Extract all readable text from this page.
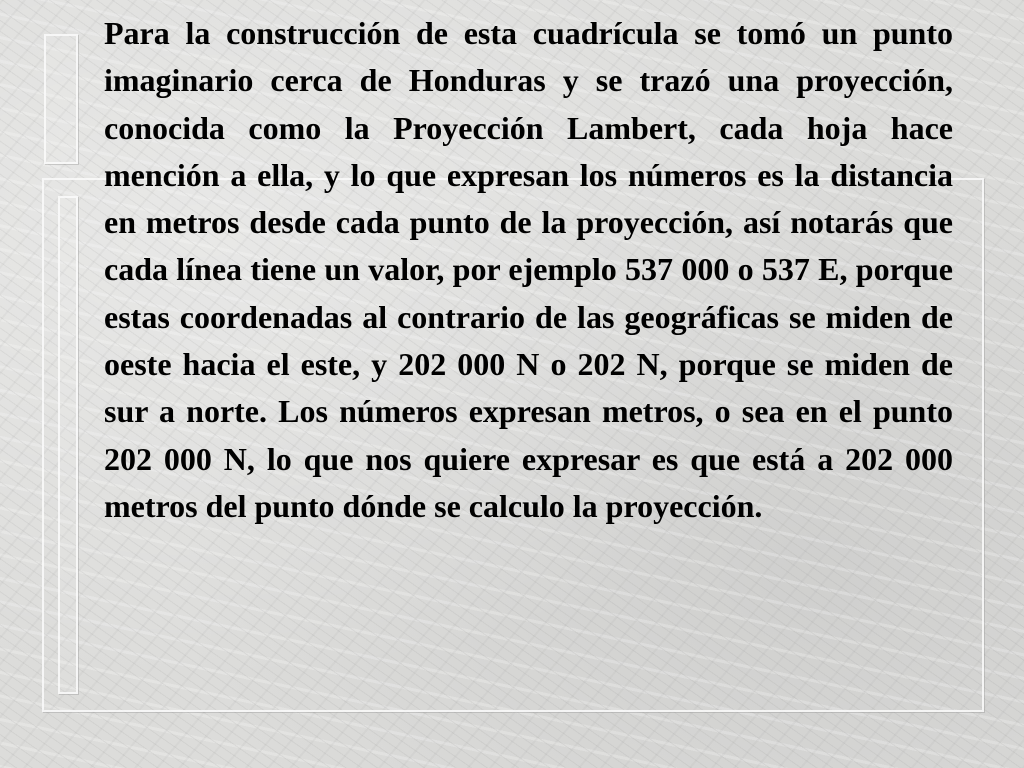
Para la construcción de esta cuadrícula se tomó un punto imaginario cerca de Honduras y se trazó una proyección, conocida como la Proyección Lambert, cada hoja hace mención a ella, y lo que expresan los números es la distancia en metros desde cada punto de la proyección, así notarás que cada línea tiene un valor, por ejemplo 537 000 o 537 E, porque estas coordenadas al contrario de las geográficas se miden de oeste hacia el este, y 202 000 N o 202 N, porque se miden de sur a norte. Los números expresan metros, o sea en el punto 202 000 N, lo que nos quiere expresar es que está a 202 000 metros del punto dónde se calculo la proyección.
